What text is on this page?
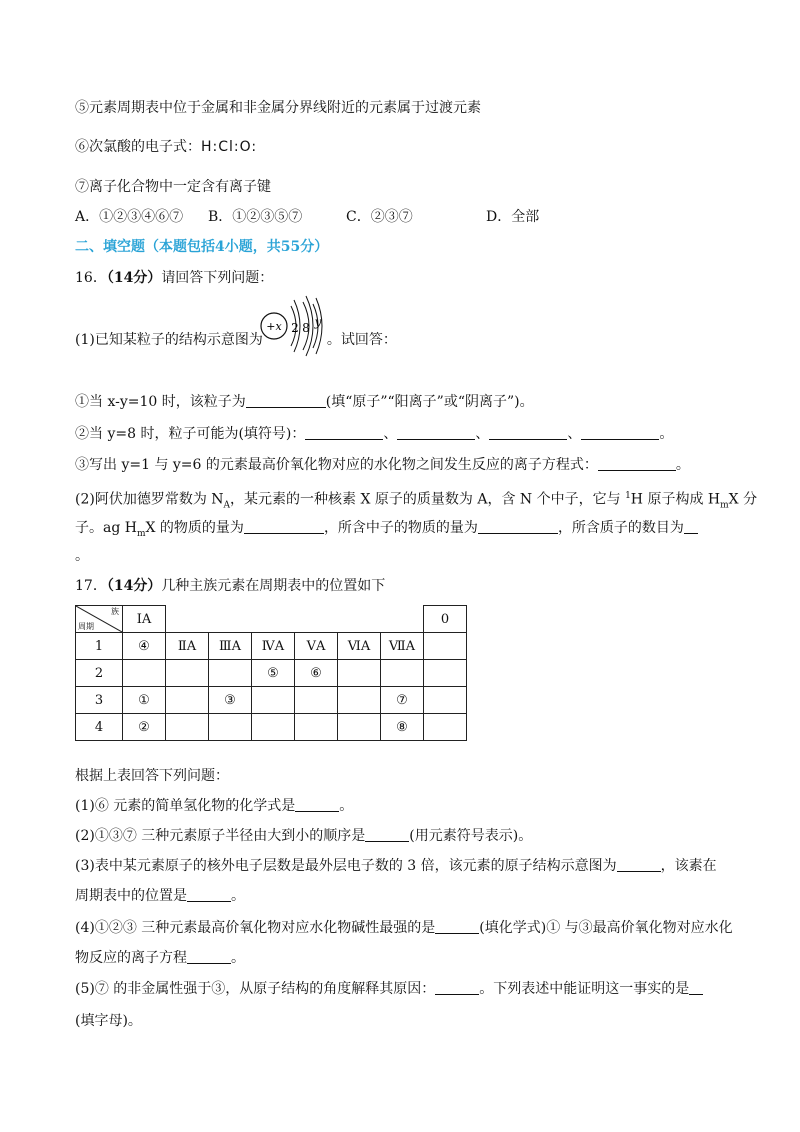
⑤元素周期表中位于金属和非金属分界线附近的元素属于过渡元素
⑥次氯酸的电子式：H:Cl:O:
⑦离子化合物中一定含有离子键
A．①②③④⑥⑦ B．①②③⑤⑦	C．②③⑦	D．全部
二、填空题（本题包括4小题，共55分）
16．（14分）请回答下列问题：
(1)已知某粒子的结构示意图为	。试回答：
+x 2 8 y
①当 x-y=10 时，该粒子为	(填“原子”“阳离子”或“阴离子”)。
②当 y=8 时，粒子可能为(填符号)：	、	、	、	。
③写出 y=1 与 y=6 的元素最高价氧化物对应的水化物之间发生反应的离子方程式：	。
(2)阿伏加德罗常数为 $N_A$，某元素的一种核素 X 原子的质量数为 A，含 N 个中子，它与 $^1$H 原子构成 $H_mX$ 分
子。ag $H_mX$ 的物质的量为	，所含中子的物质的量为	，所含质子的数目为
。
17．（14分）几种主族元素在周期表中的位置如下
族
周期	ⅠA							0
1	④	ⅡA	ⅢA	ⅣA	ⅤA	ⅥA	ⅦA	
2				⑤	⑥			
3	①		③				⑦	
4	②						⑧	
根据上表回答下列问题：
(1)⑥ 元素的简单氢化物的化学式是	。
(2)①③⑦ 三种元素原子半径由大到小的顺序是	(用元素符号表示)。
(3)表中某元素原子的核外电子层数是最外层电子数的 3 倍，该元素的原子结构示意图为	，该素在
周期表中的位置是	。
(4)①②③ 三种元素最高价氧化物对应水化物碱性最强的是	(填化学式)① 与③最高价氧化物对应水化
物反应的离子方程	。
(5)⑦ 的非金属性强于③，从原子结构的角度解释其原因：	。下列表述中能证明这一事实的是
(填字母)。
